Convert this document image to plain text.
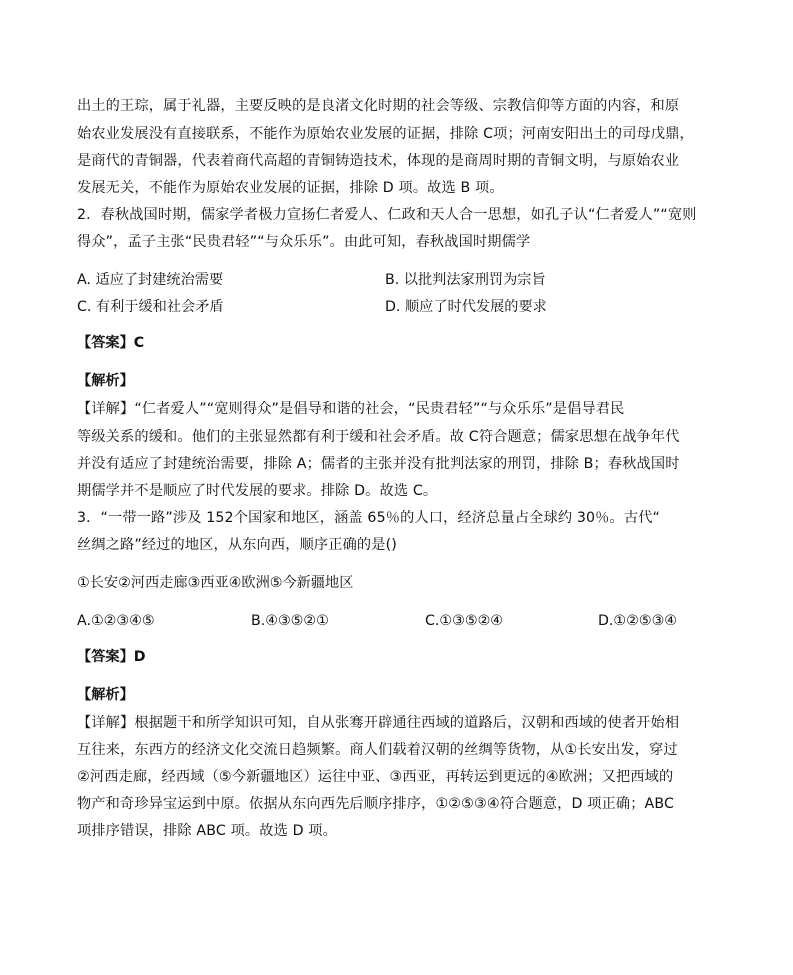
出土的王琮，属于礼器，主要反映的是良渚文化时期的社会等级、宗教信仰等方面的内容，和原
始农业发展没有直接联系，不能作为原始农业发展的证据，排除 C项；河南安阳出土的司母戊鼎，
是商代的青铜器，代表着商代高超的青铜铸造技术，体现的是商周时期的青铜文明，与原始农业
发展无关，不能作为原始农业发展的证据，排除 D 项。故选 B 项。
2．春秋战国时期，儒家学者极力宣扬仁者爱人、仁政和天人合一思想，如孔子认“仁者爱人”“宽则
得众”，孟子主张“民贵君轻”“与众乐乐”。由此可知，春秋战国时期儒学
A. 适应了封建统治需要	B. 以批判法家刑罚为宗旨
C. 有利于缓和社会矛盾	D. 顺应了时代发展的要求
【答案】C
【解析】
【详解】“仁者爱人”“宽则得众”是倡导和谐的社会，“民贵君轻”“与众乐乐”是倡导君民
等级关系的缓和。他们的主张显然都有利于缓和社会矛盾。故 C符合题意；儒家思想在战争年代
并没有适应了封建统治需要，排除 A；儒者的主张并没有批判法家的刑罚，排除 B；春秋战国时
期儒学并不是顺应了时代发展的要求。排除 D。故选 C。
3．“一带一路”涉及 152个国家和地区，涵盖 65％的人口，经济总量占全球约 30％。古代“
丝绸之路”经过的地区，从东向西，顺序正确的是()
①长安②河西走廊③西亚④欧洲⑤今新疆地区
A.①②③④⑤	B.④③⑤②①	C.①③⑤②④	D.①②⑤③④
【答案】D
【解析】
【详解】根据题干和所学知识可知，自从张骞开辟通往西域的道路后，汉朝和西域的使者开始相
互往来，东西方的经济文化交流日趋频繁。商人们载着汉朝的丝绸等货物，从①长安出发，穿过
②河西走廊，经西域（⑤今新疆地区）运往中亚、③西亚，再转运到更远的④欧洲；又把西域的
物产和奇珍异宝运到中原。依据从东向西先后顺序排序，①②⑤③④符合题意，D 项正确；ABC
项排序错误，排除 ABC 项。故选 D 项。
